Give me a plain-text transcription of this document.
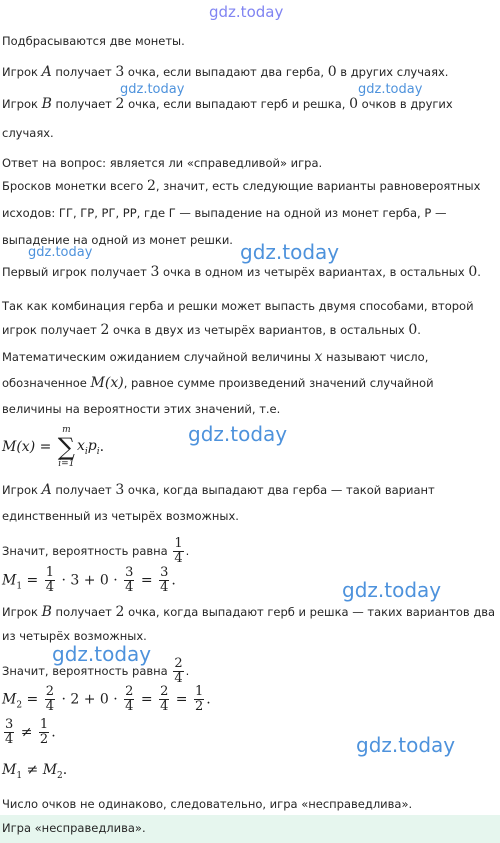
gdz.today
gdz.today	gdz.today
gdz.today
gdz.today
gdz.today
gdz.today
gdz.today
gdz.today
Подбрасываются две монеты.
Игрок A получает 3 очка, если выпадают два герба, 0 в других случаях.
Игрок B получает 2 очка, если выпадают герб и решка, 0 очков в других
случаях.
Ответ на вопрос: является ли «справедливой» игра.
Бросков монетки всего 2, значит, есть следующие варианты равновероятных
исходов: ГГ, ГР, РГ, РР, где Г — выпадение на одной из монет герба, Р —
выпадение на одной из монет решки.
Первый игрок получает 3 очка в одном из четырёх вариантах, в остальных 0.
Так как комбинация герба и решки может выпасть двумя способами, второй
игрок получает 2 очка в двух из четырёх вариантов, в остальных 0.
Математическим ожиданием случайной величины x называют число,
обозначенное M(x), равное сумме произведений значений случайной
величины на вероятности этих значений, т.е.
M(x) =
m
∑
i=1
$x_ip_i$.
Игрок A получает 3 очка, когда выпадают два герба — такой вариант
единственный из четырёх возможных.
Значит, вероятность равна $\frac{1}{4}$ .
$M_1 = \frac{1}{4} \cdot 3 + 0 \cdot \frac{3}{4} = \frac{3}{4}$ .
Игрок B получает 2 очка, когда выпадают герб и решка — таких вариантов два
из четырёх возможных.
Значит, вероятность равна $\frac{2}{4}$ .
$M_2 = \frac{2}{4} \cdot 2 + 0 \cdot \frac{2}{4} = \frac{2}{4} = \frac{1}{2}$ .
$\frac{3}{4} \ne \frac{1}{2}$ .
$M_1 \ne M_2$.
Число очков не одинаково, следовательно, игра «несправедлива».
Игра «несправедлива».
